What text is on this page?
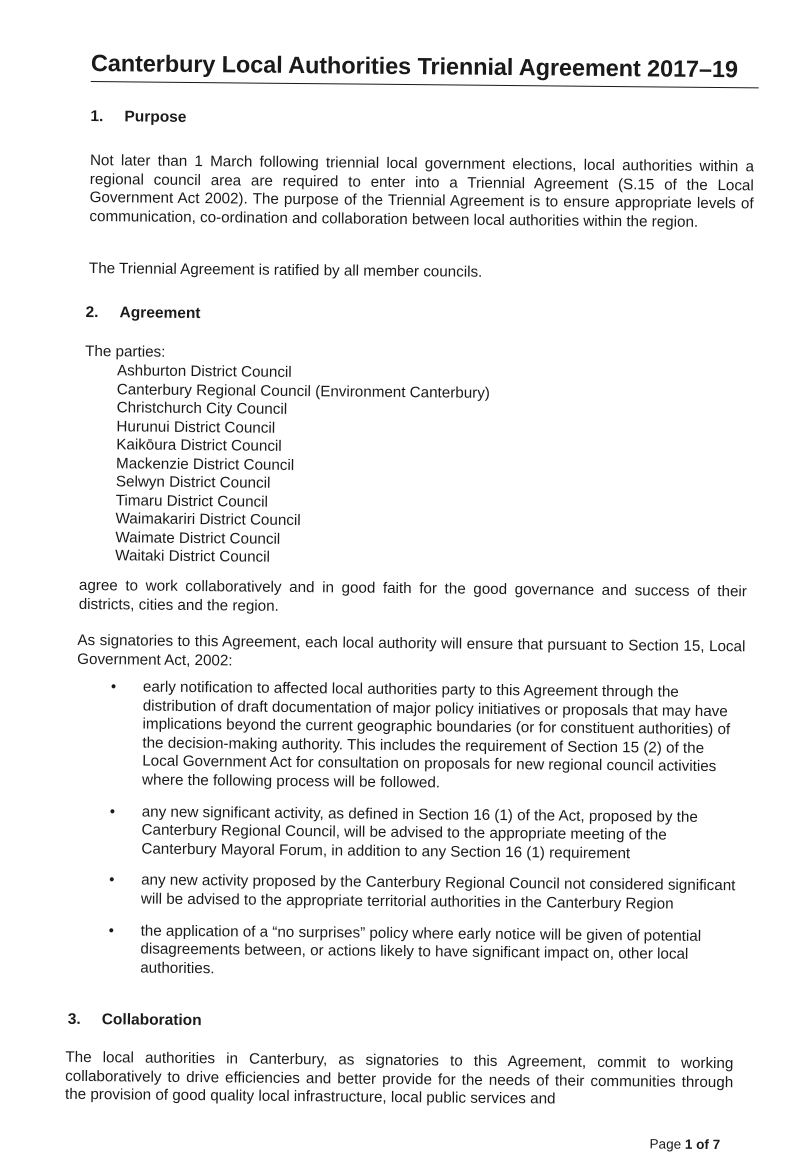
Canterbury Local Authorities Triennial Agreement 2017–19
1. Purpose
Not later than 1 March following triennial local government elections, local authorities within a regional council area are required to enter into a Triennial Agreement (S.15 of the Local Government Act 2002). The purpose of the Triennial Agreement is to ensure appropriate levels of communication, co-ordination and collaboration between local authorities within the region.
The Triennial Agreement is ratified by all member councils.
2. Agreement
The parties:
Ashburton District Council
Canterbury Regional Council (Environment Canterbury)
Christchurch City Council
Hurunui District Council
Kaikōura District Council
Mackenzie District Council
Selwyn District Council
Timaru District Council
Waimakariri District Council
Waimate District Council
Waitaki District Council
agree to work collaboratively and in good faith for the good governance and success of their districts, cities and the region.
As signatories to this Agreement, each local authority will ensure that pursuant to Section 15, Local Government Act, 2002:
• early notification to affected local authorities party to this Agreement through the distribution of draft documentation of major policy initiatives or proposals that may have implications beyond the current geographic boundaries (or for constituent authorities) of the decision-making authority. This includes the requirement of Section 15 (2) of the Local Government Act for consultation on proposals for new regional council activities where the following process will be followed.
• any new significant activity, as defined in Section 16 (1) of the Act, proposed by the Canterbury Regional Council, will be advised to the appropriate meeting of the Canterbury Mayoral Forum, in addition to any Section 16 (1) requirement
• any new activity proposed by the Canterbury Regional Council not considered significant will be advised to the appropriate territorial authorities in the Canterbury Region
• the application of a “no surprises” policy where early notice will be given of potential disagreements between, or actions likely to have significant impact on, other local authorities.
3. Collaboration
The local authorities in Canterbury, as signatories to this Agreement, commit to working collaboratively to drive efficiencies and better provide for the needs of their communities through the provision of good quality local infrastructure, local public services and
Page 1 of 7
